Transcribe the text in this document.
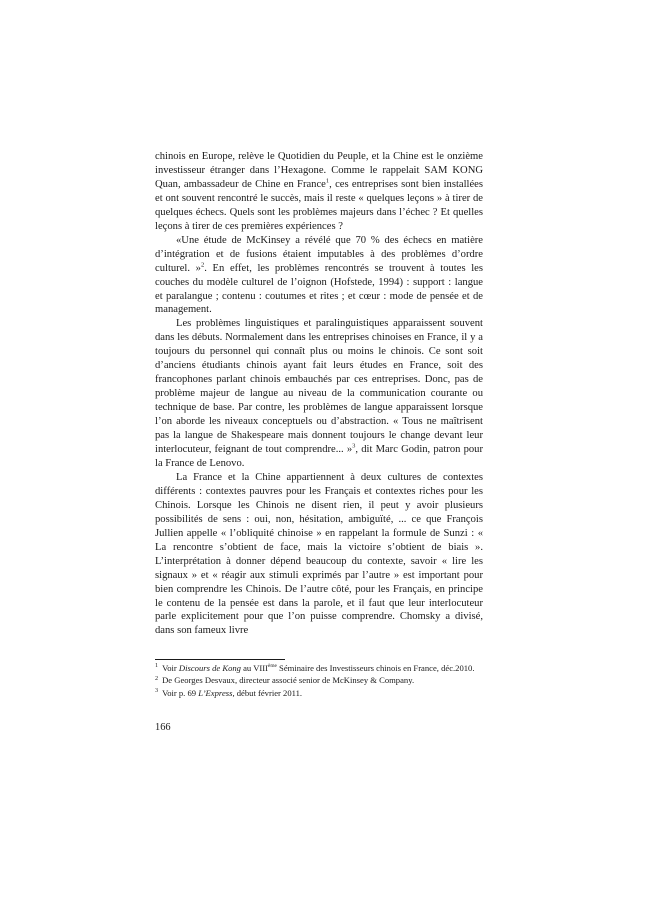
chinois en Europe, relève le Quotidien du Peuple, et la Chine est le onzième investisseur étranger dans l’Hexagone. Comme le rappelait SAM KONG Quan, ambassadeur de Chine en France$^1$, ces entreprises sont bien installées et ont souvent rencontré le succès, mais il reste « quelques leçons » à tirer de quelques échecs. Quels sont les problèmes majeurs dans l’échec ? Et quelles leçons à tirer de ces premières expériences ?

«Une étude de McKinsey a révélé que 70 % des échecs en matière d’intégration et de fusions étaient imputables à des problèmes d’ordre culturel. »$^2$. En effet, les problèmes rencontrés se trouvent à toutes les couches du modèle culturel de l’oignon (Hofstede, 1994) : support : langue et paralangue ; contenu : coutumes et rites ; et cœur : mode de pensée et de management.

Les problèmes linguistiques et paralinguistiques apparaissent souvent dans les débuts. Normalement dans les entreprises chinoises en France, il y a toujours du personnel qui connaît plus ou moins le chinois. Ce sont soit d’anciens étudiants chinois ayant fait leurs études en France, soit des francophones parlant chinois embauchés par ces entreprises. Donc, pas de problème majeur de langue au niveau de la communication courante ou technique de base. Par contre, les problèmes de langue apparaissent lorsque l’on aborde les niveaux conceptuels ou d’abstraction. « Tous ne maîtrisent pas la langue de Shakespeare mais donnent toujours le change devant leur interlocuteur, feignant de tout comprendre... »$^3$, dit Marc Godin, patron pour la France de Lenovo.

La France et la Chine appartiennent à deux cultures de contextes différents : contextes pauvres pour les Français et contextes riches pour les Chinois. Lorsque les Chinois ne disent rien, il peut y avoir plusieurs possibilités de sens : oui, non, hésitation, ambiguïté, ... ce que François Jullien appelle « l’obliquité chinoise » en rappelant la formule de Sunzi : « La rencontre s’obtient de face, mais la victoire s’obtient de biais ». L’interprétation à donner dépend beaucoup du contexte, savoir « lire les signaux » et « réagir aux stimuli exprimés par l’autre » est important pour bien comprendre les Chinois. De l’autre côté, pour les Français, en principe le contenu de la pensée est dans la parole, et il faut que leur interlocuteur parle explicitement pour que l’on puisse comprendre. Chomsky a divisé, dans son fameux livre

$^1$ Voir Discours de Kong au VIIIème Séminaire des Investisseurs chinois en France, déc.2010.

$^2$ De Georges Desvaux, directeur associé senior de McKinsey & Company.

$^3$ Voir p. 69 L’Express, début février 2011.

166
